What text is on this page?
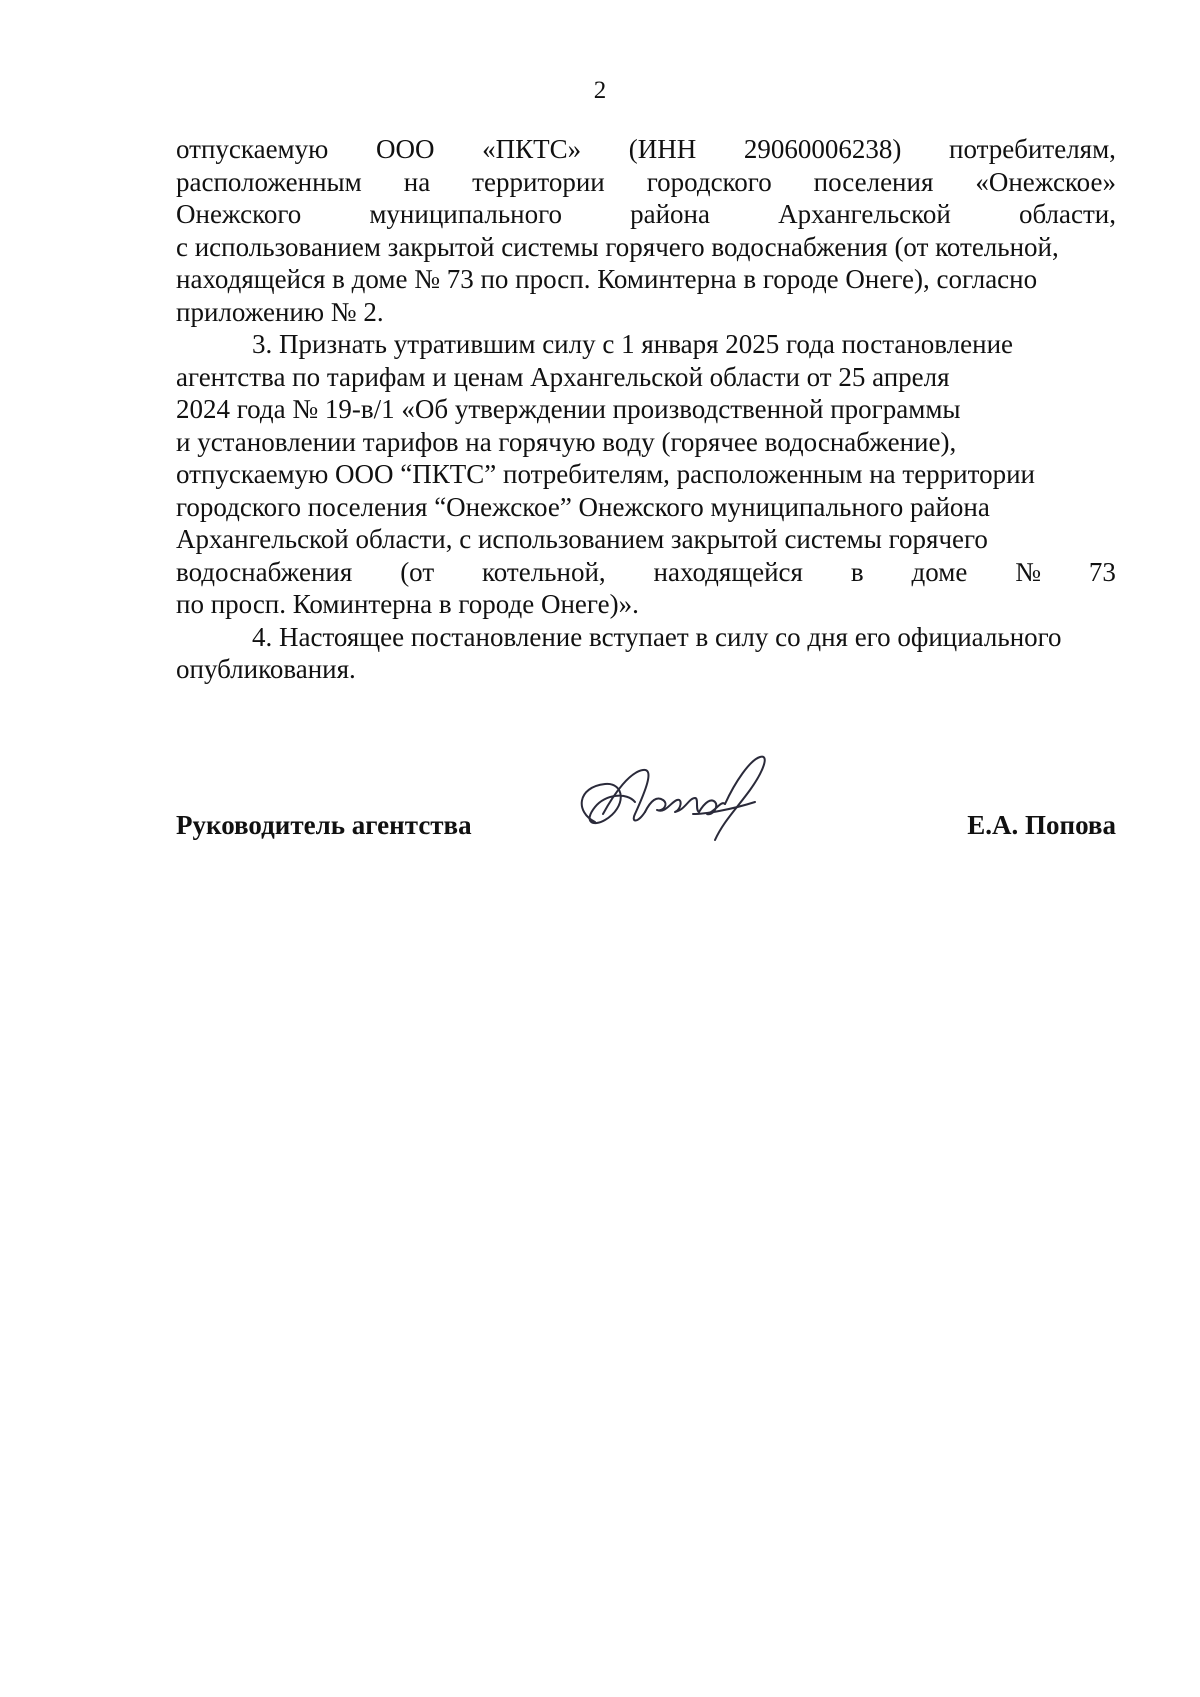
2
отпускаемую ООО «ПКТС» (ИНН 29060006238) потребителям,
расположенным на территории городского поселения «Онежское»
Онежского	муниципального	района	Архангельской	области,
с использованием закрытой системы горячего водоснабжения (от котельной,
находящейся в доме № 73 по просп. Коминтерна в городе Онеге), согласно
приложению № 2.
3. Признать утратившим силу с 1 января 2025 года постановление
агентства по тарифам и ценам Архангельской области от 25 апреля
2024 года № 19-в/1 «Об утверждении производственной программы
и установлении тарифов на горячую воду (горячее водоснабжение),
отпускаемую ООО “ПКТС” потребителям, расположенным на территории
городского поселения “Онежское” Онежского муниципального района
Архангельской области, с использованием закрытой системы горячего
водоснабжения (от котельной, находящейся в доме № 73
по просп. Коминтерна в городе Онеге)».
4. Настоящее постановление вступает в силу со дня его официального
опубликования.
Руководитель агентства	Е.А. Попова
